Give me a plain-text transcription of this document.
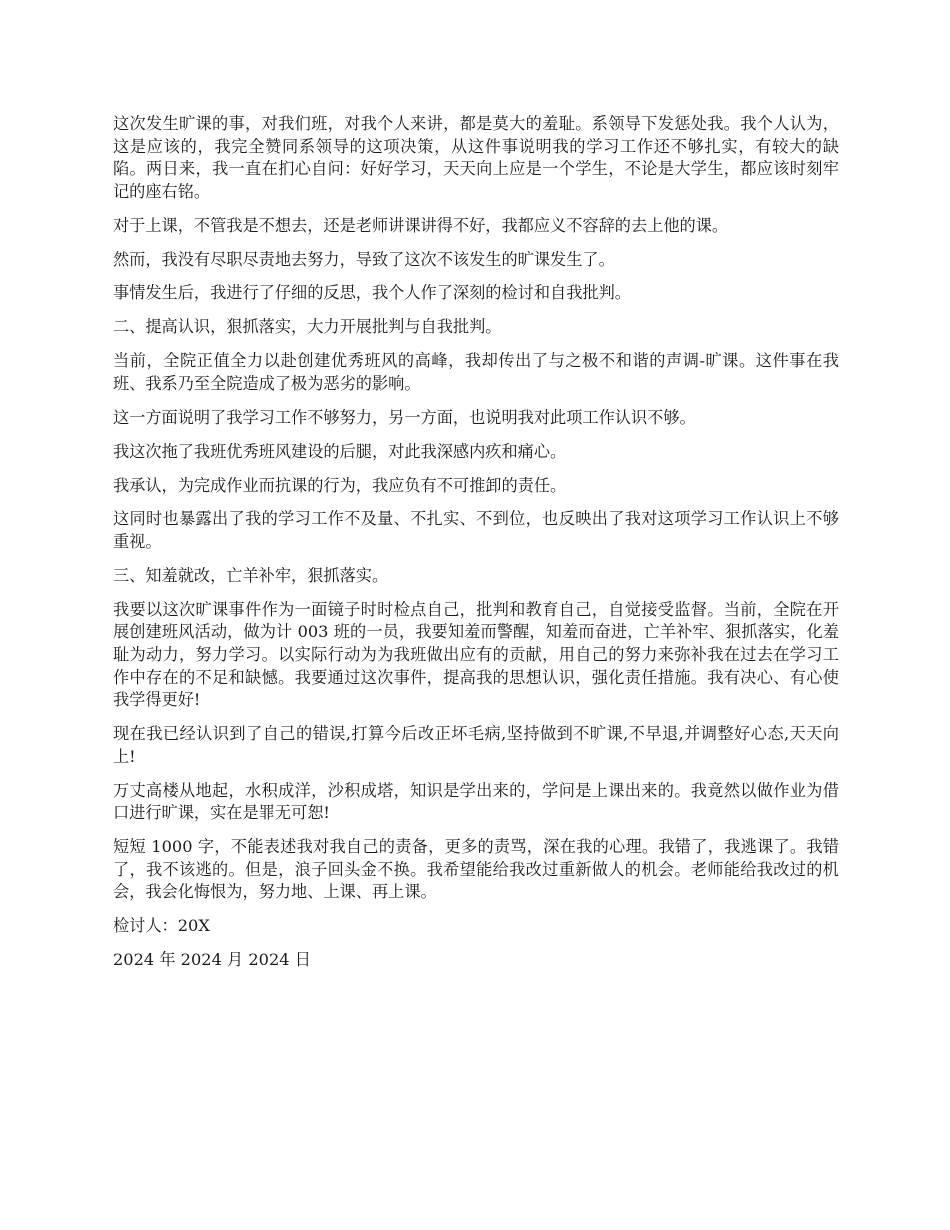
这次发生旷课的事，对我们班，对我个人来讲，都是莫大的羞耻。系领导下发惩处我。我个人认为，这是应该的，我完全赞同系领导的这项决策，从这件事说明我的学习工作还不够扎实，有较大的缺陷。两日来，我一直在扪心自问：好好学习，天天向上应是一个学生，不论是大学生，都应该时刻牢记的座右铭。

对于上课，不管我是不想去，还是老师讲课讲得不好，我都应义不容辞的去上他的课。

然而，我没有尽职尽责地去努力，导致了这次不该发生的旷课发生了。

事情发生后，我进行了仔细的反思，我个人作了深刻的检讨和自我批判。

二、提高认识，狠抓落实，大力开展批判与自我批判。

当前，全院正值全力以赴创建优秀班风的高峰，我却传出了与之极不和谐的声调-旷课。这件事在我班、我系乃至全院造成了极为恶劣的影响。

这一方面说明了我学习工作不够努力，另一方面，也说明我对此项工作认识不够。

我这次拖了我班优秀班风建设的后腿，对此我深感内疚和痛心。

我承认，为完成作业而抗课的行为，我应负有不可推卸的责任。

这同时也暴露出了我的学习工作不及量、不扎实、不到位，也反映出了我对这项学习工作认识上不够重视。

三、知羞就改，亡羊补牢，狠抓落实。

我要以这次旷课事件作为一面镜子时时检点自己，批判和教育自己，自觉接受监督。当前，全院在开展创建班风活动，做为计 003 班的一员，我要知羞而警醒，知羞而奋进，亡羊补牢、狠抓落实，化羞耻为动力，努力学习。以实际行动为为我班做出应有的贡献，用自己的努力来弥补我在过去在学习工作中存在的不足和缺憾。我要通过这次事件，提高我的思想认识，强化责任措施。我有决心、有心使我学得更好!

现在我已经认识到了自己的错误,打算今后改正坏毛病,坚持做到不旷课,不早退,并调整好心态,天天向上!

万丈高楼从地起，水积成洋，沙积成塔，知识是学出来的，学问是上课出来的。我竟然以做作业为借口进行旷课，实在是罪无可恕!

短短 1000 字，不能表述我对我自己的责备，更多的责骂，深在我的心理。我错了，我逃课了。我错了，我不该逃的。但是，浪子回头金不换。我希望能给我改过重新做人的机会。老师能给我改过的机会，我会化悔恨为，努力地、上课、再上课。

检讨人：20X

2024 年 2024 月 2024 日
